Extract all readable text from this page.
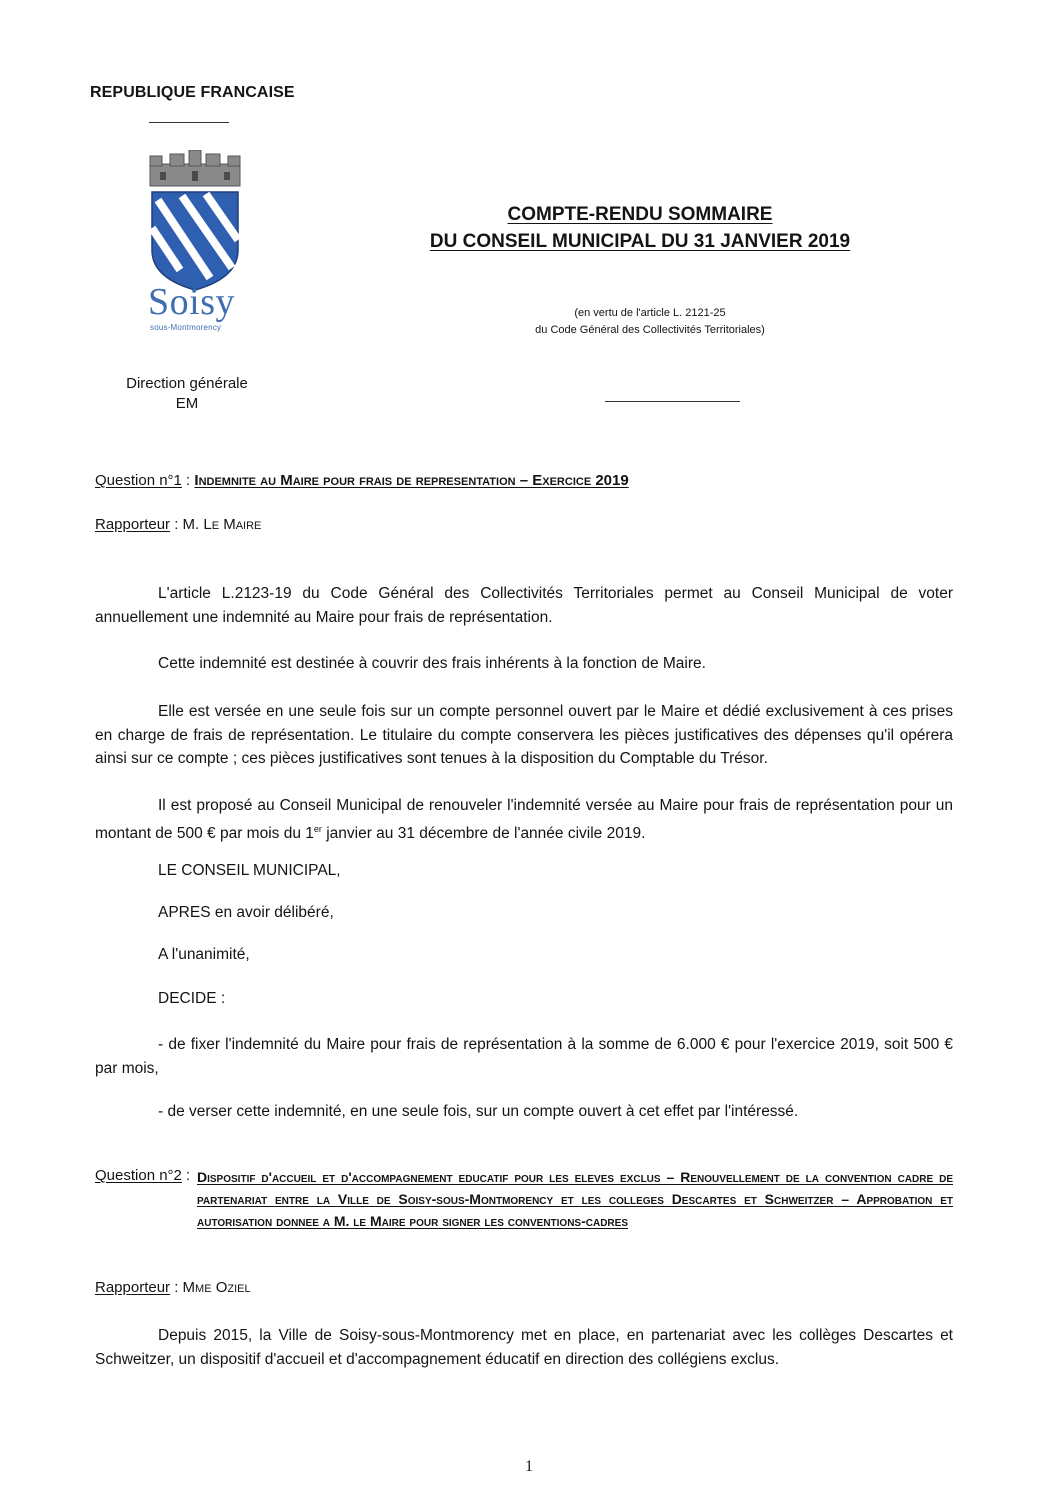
REPUBLIQUE FRANCAISE
Soisy
sous-Montmorency
COMPTE-RENDU SOMMAIRE
DU CONSEIL MUNICIPAL DU 31 JANVIER 2019
(en vertu de l'article L. 2121-25
du Code Général des Collectivités Territoriales)
Direction générale
EM
Question n°1 : Indemnite au Maire pour frais de representation – Exercice 2019
Rapporteur : M. Le Maire
L'article L.2123-19 du Code Général des Collectivités Territoriales permet au Conseil Municipal de voter annuellement une indemnité au Maire pour frais de représentation.
Cette indemnité est destinée à couvrir des frais inhérents à la fonction de Maire.
Elle est versée en une seule fois sur un compte personnel ouvert par le Maire et dédié exclusivement à ces prises en charge de frais de représentation. Le titulaire du compte conservera les pièces justificatives des dépenses qu'il opérera ainsi sur ce compte ; ces pièces justificatives sont tenues à la disposition du Comptable du Trésor.
Il est proposé au Conseil Municipal de renouveler l'indemnité versée au Maire pour frais de représentation pour un montant de 500 € par mois du 1er janvier au 31 décembre de l'année civile 2019.
LE CONSEIL MUNICIPAL,
APRES en avoir délibéré,
A l'unanimité,
DECIDE :
- de fixer l'indemnité du Maire pour frais de représentation à la somme de 6.000 € pour l'exercice 2019, soit 500 € par mois,
- de verser cette indemnité, en une seule fois, sur un compte ouvert à cet effet par l'intéressé.
Question n°2 : Dispositif d'accueil et d'accompagnement educatif pour les eleves exclus – Renouvellement de la convention cadre de partenariat entre la Ville de Soisy-sous-Montmorency et les colleges Descartes et Schweitzer – Approbation et autorisation donnee a M. le Maire pour signer les conventions-cadres
Rapporteur : Mme Oziel
Depuis 2015, la Ville de Soisy-sous-Montmorency met en place, en partenariat avec les collèges Descartes et Schweitzer, un dispositif d'accueil et d'accompagnement éducatif en direction des collégiens exclus.
1
